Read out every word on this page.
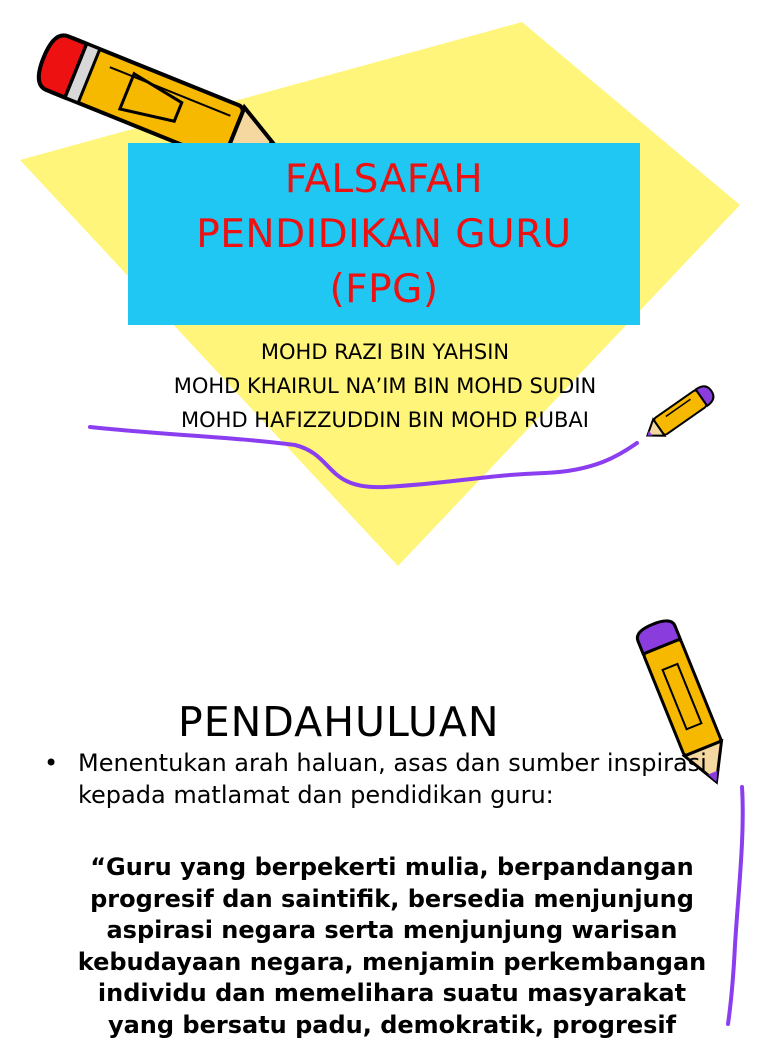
FALSAFAH
PENDIDIKAN GURU
(FPG)
MOHD RAZI BIN YAHSIN
MOHD KHAIRUL NA’IM BIN MOHD SUDIN
MOHD HAFIZZUDDIN BIN MOHD RUBAI
PENDAHULUAN
• Menentukan arah haluan, asas dan sumber inspirasi kepada matlamat dan pendidikan guru:
“Guru yang berpekerti mulia, berpandangan progresif dan saintifik, bersedia menjunjung aspirasi negara serta menjunjung warisan kebudayaan negara, menjamin perkembangan individu dan memelihara suatu masyarakat yang bersatu padu, demokratik, progresif
